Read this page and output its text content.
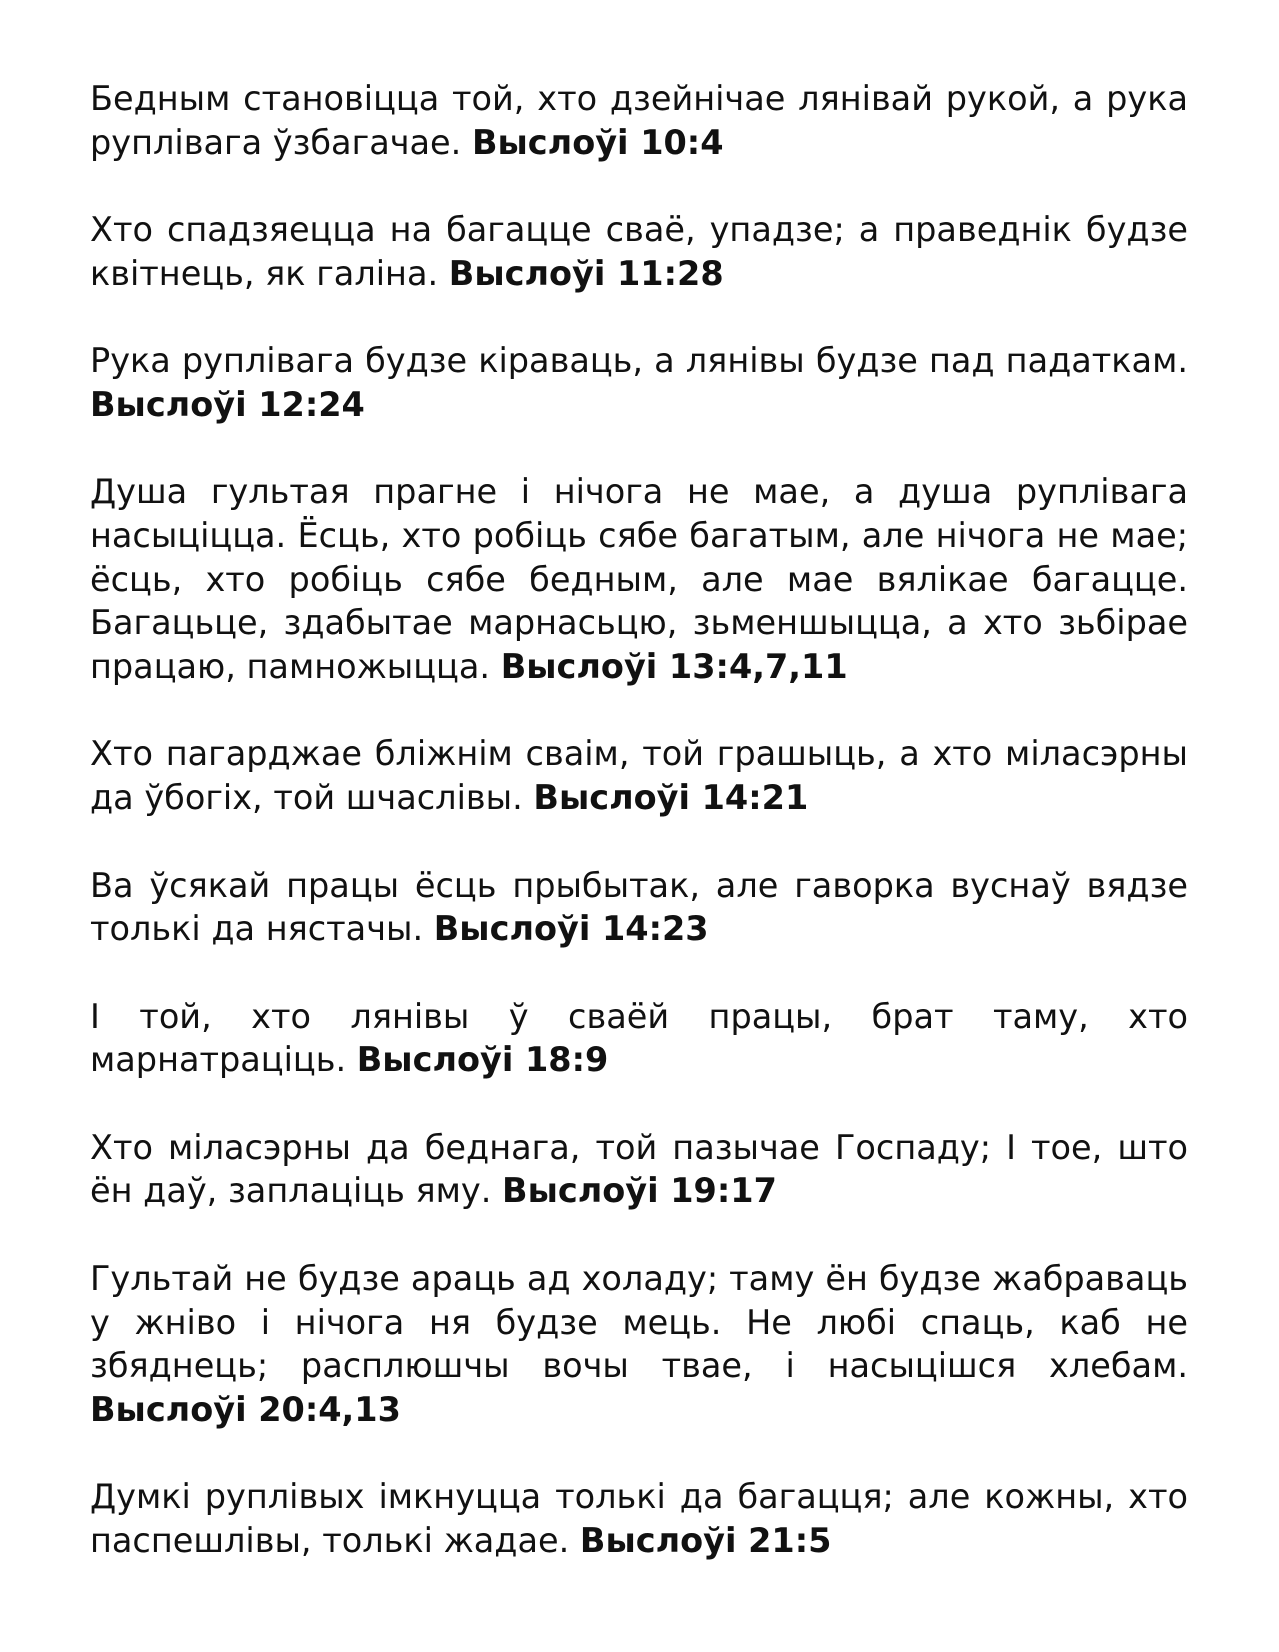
Бедным становіцца той, хто дзейнічае лянівай рукой, а рука руплівага ўзбагачае. Выслоўі 10:4

Хто спадзяецца на багацце сваё, упадзе; а праведнік будзе квітнець, як галіна. Выслоўі 11:28

Рука руплівага будзе кіраваць, а лянівы будзе пад падаткам. Выслоўі 12:24

Душа гультая прагне і нічога не мае, а душа руплівага насыціцца. Ёсць, хто робіць сябе багатым, але нічога не мае; ёсць, хто робіць сябе бедным, але мае вялікае багацце. Багацьце, здабытае марнасьцю, зьменшыцца, а хто зьбірае працаю, памножыцца. Выслоўі 13:4,7,11

Хто пагарджае бліжнім сваім, той грашыць, а хто міласэрны да ўбогіх, той шчаслівы. Выслоўі 14:21

Ва ўсякай працы ёсць прыбытак, але гаворка вуснаў вядзе толькі да нястачы. Выслоўі 14:23

І той, хто лянівы ў сваёй працы, брат таму, хто марнатраціць. Выслоўі 18:9

Хто міласэрны да беднага, той пазычае Госпаду; І тое, што ён даў, заплаціць яму. Выслоўі 19:17

Гультай не будзе араць ад холаду; таму ён будзе жабраваць у жніво і нічога ня будзе мець. Не любі спаць, каб не збяднець; расплюшчы вочы твае, і насыцішся хлебам. Выслоўі 20:4,13

Думкі руплівых імкнуцца толькі да багацця; але кожны, хто паспешлівы, толькі жадае. Выслоўі 21:5
